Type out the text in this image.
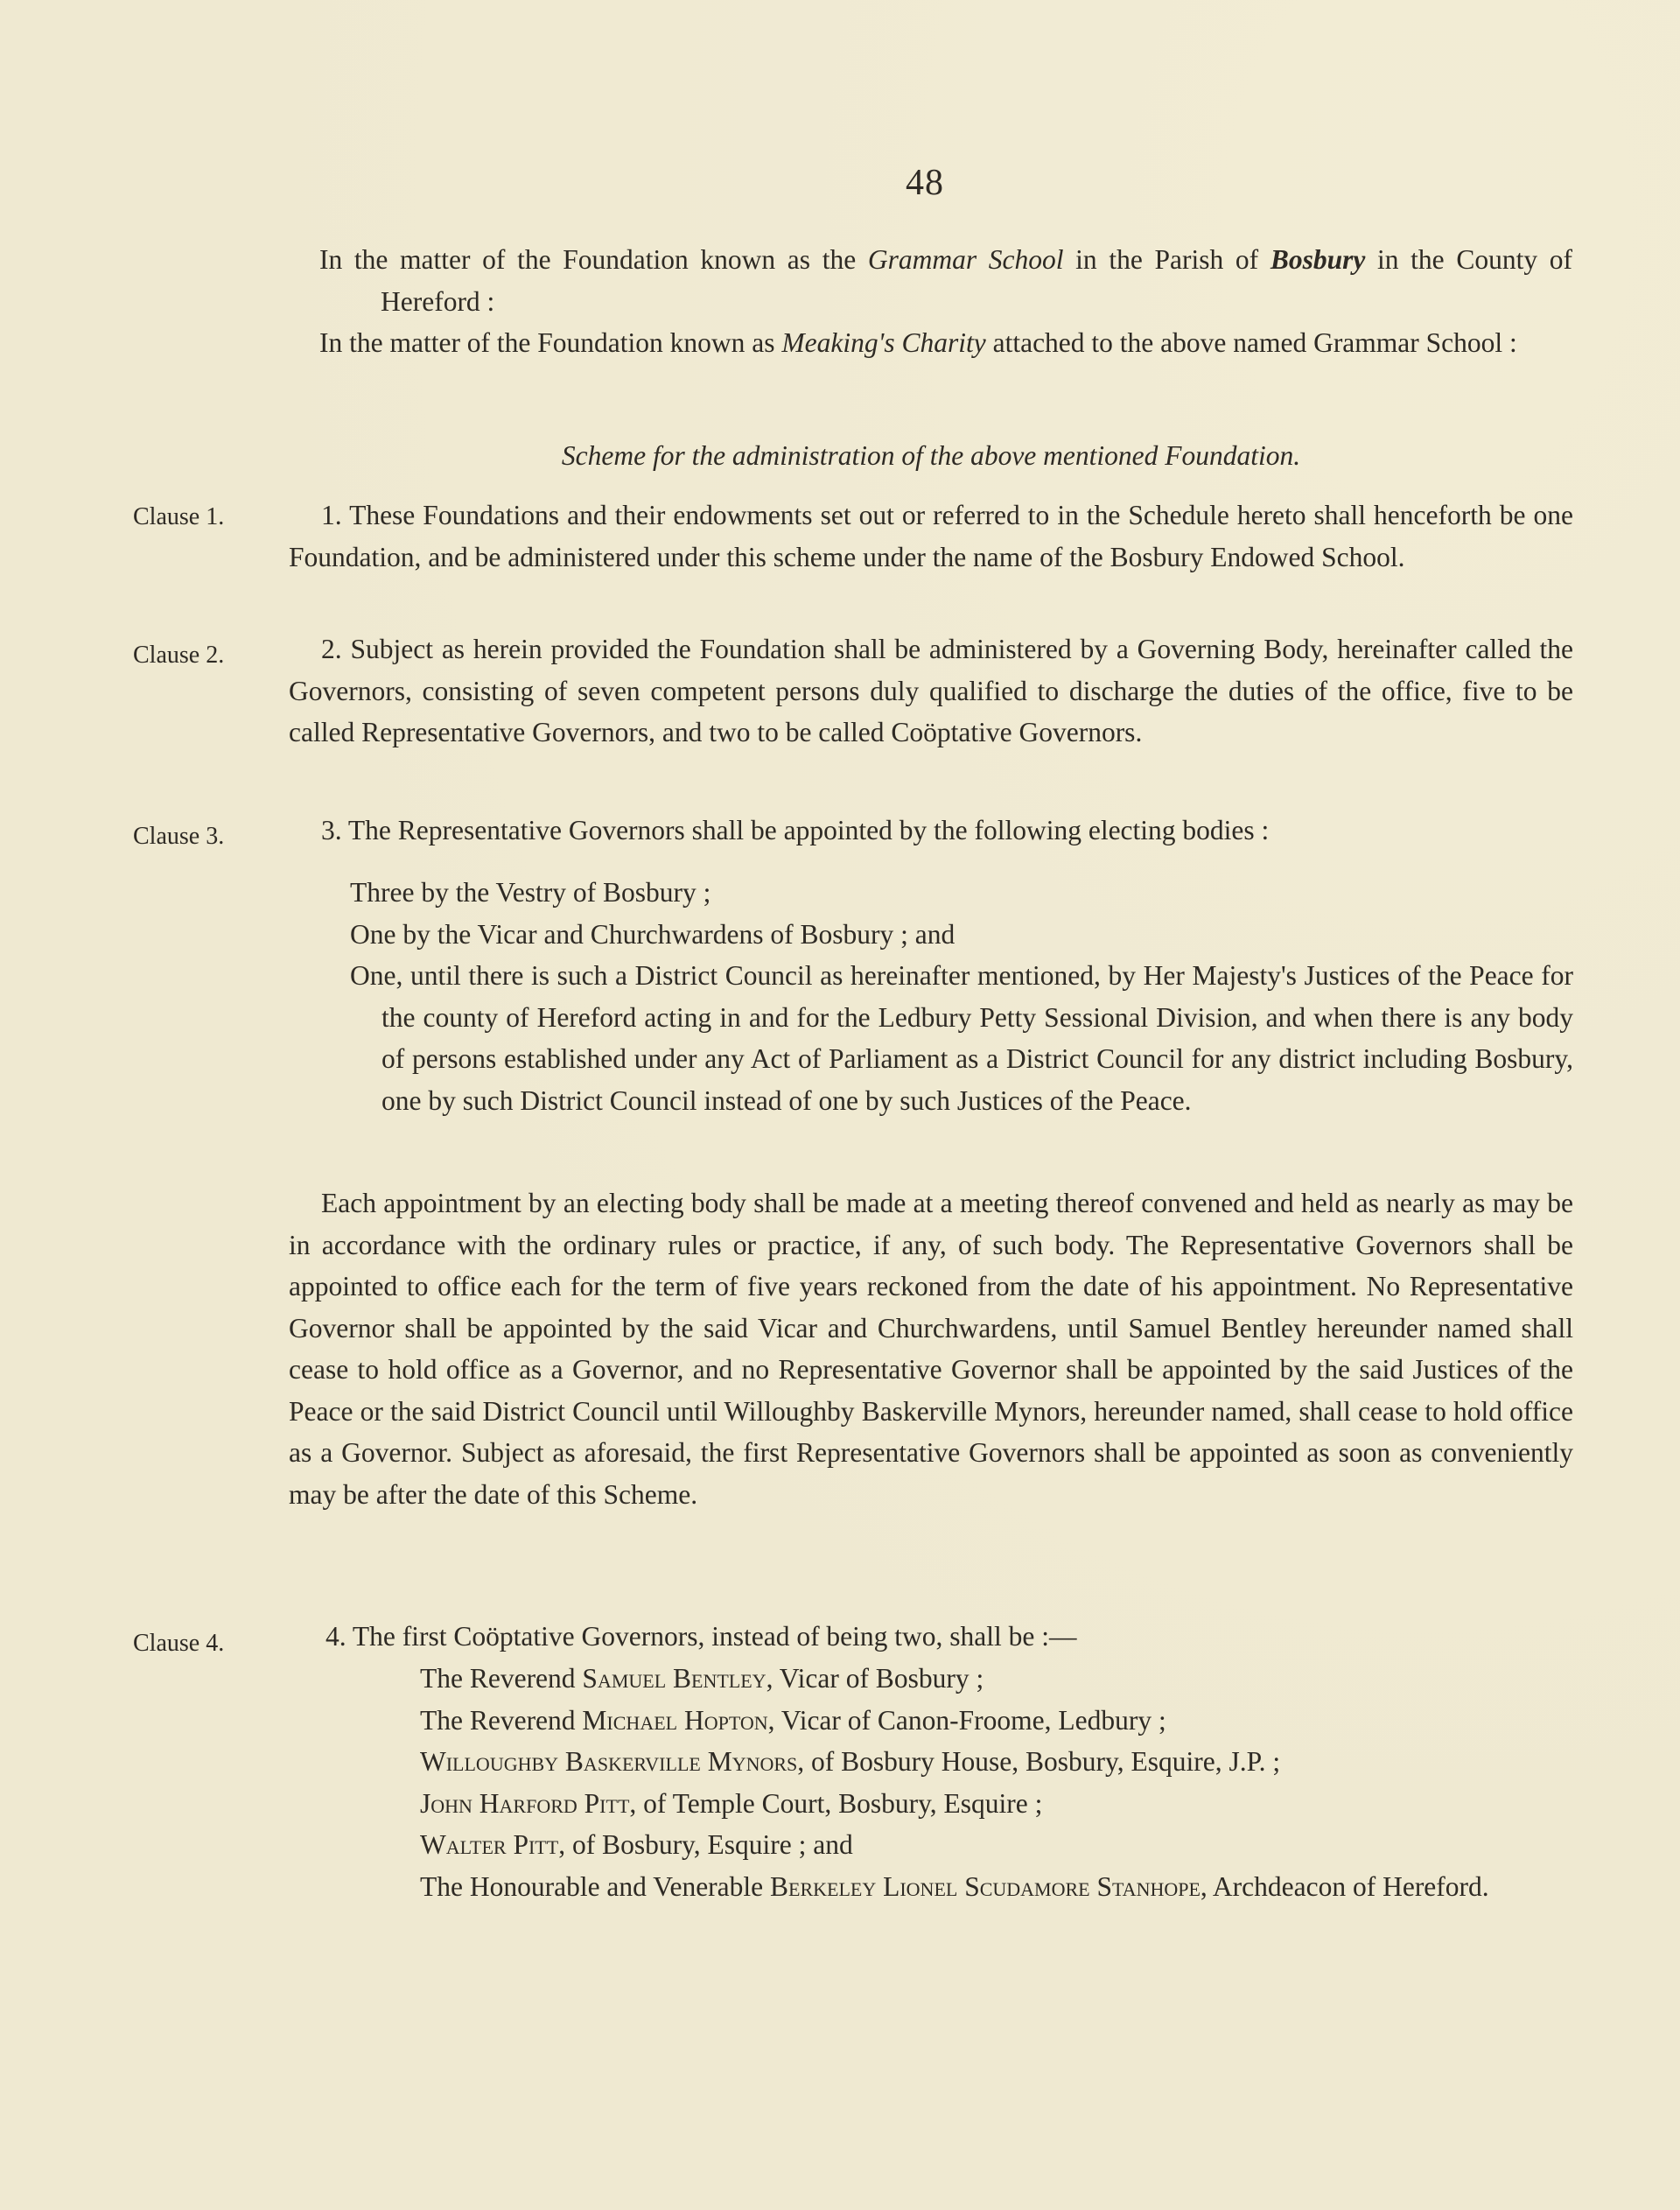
48

In the matter of the Foundation known as the Grammar School in the Parish of Bosbury in the County of Hereford :

In the matter of the Foundation known as Meaking's Charity attached to the above named Grammar School :

Scheme for the administration of the above mentioned Foundation.
Clause 1.	1. These Foundations and their endowments set out or referred to in the Schedule hereto shall henceforth be one Foundation, and be administered under this scheme under the name of the Bosbury Endowed School.

Clause 2.	2. Subject as herein provided the Foundation shall be administered by a Governing Body, hereinafter called the Governors, consisting of seven competent persons duly qualified to discharge the duties of the office, five to be called Representative Governors, and two to be called Coöptative Governors.

Clause 3.	3. The Representative Governors shall be appointed by the following electing bodies :

Three by the Vestry of Bosbury ;

One by the Vicar and Churchwardens of Bosbury ; and

One, until there is such a District Council as hereinafter mentioned, by Her Majesty's Justices of the Peace for the county of Hereford acting in and for the Ledbury Petty Sessional Division, and when there is any body of persons established under any Act of Parliament as a District Council for any district including Bosbury, one by such District Council instead of one by such Justices of the Peace.

Each appointment by an electing body shall be made at a meeting thereof convened and held as nearly as may be in accordance with the ordinary rules or practice, if any, of such body. The Representative Governors shall be appointed to office each for the term of five years reckoned from the date of his appointment. No Representative Governor shall be appointed by the said Vicar and Churchwardens, until Samuel Bentley hereunder named shall cease to hold office as a Governor, and no Representative Governor shall be appointed by the said Justices of the Peace or the said District Council until Willoughby Baskerville Mynors, hereunder named, shall cease to hold office as a Governor. Subject as aforesaid, the first Representative Governors shall be appointed as soon as conveniently may be after the date of this Scheme.

Clause 4.	4. The first Coöptative Governors, instead of being two, shall be :—

The Reverend Samuel Bentley, Vicar of Bosbury ;

The Reverend Michael Hopton, Vicar of Canon-Froome, Ledbury ;

Willoughby Baskerville Mynors, of Bosbury House, Bosbury, Esquire, J.P. ;

John Harford Pitt, of Temple Court, Bosbury, Esquire ;

Walter Pitt, of Bosbury, Esquire ; and

The Honourable and Venerable Berkeley Lionel Scudamore Stanhope, Archdeacon of Hereford.
